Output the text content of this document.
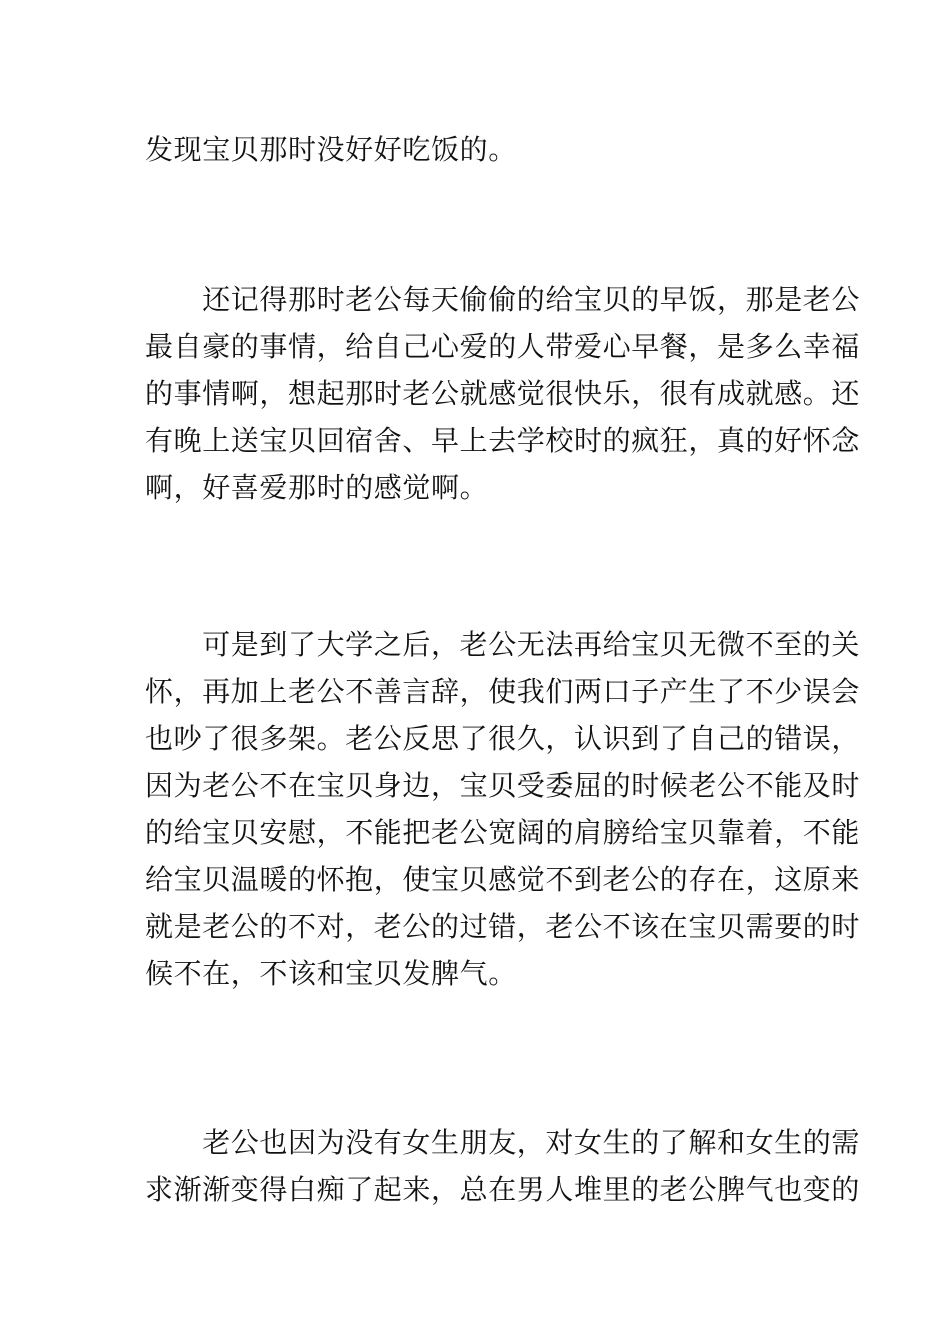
发现宝贝那时没好好吃饭的。
　　还记得那时老公每天偷偷的给宝贝的早饭，那是老公
最自豪的事情，给自己心爱的人带爱心早餐，是多么幸福
的事情啊，想起那时老公就感觉很快乐，很有成就感。还
有晚上送宝贝回宿舍、早上去学校时的疯狂，真的好怀念
啊，好喜爱那时的感觉啊。
　　可是到了大学之后，老公无法再给宝贝无微不至的关
怀，再加上老公不善言辞，使我们两口子产生了不少误会
也吵了很多架。老公反思了很久，认识到了自己的错误，
因为老公不在宝贝身边，宝贝受委屈的时候老公不能及时
的给宝贝安慰，不能把老公宽阔的肩膀给宝贝靠着，不能
给宝贝温暖的怀抱，使宝贝感觉不到老公的存在，这原来
就是老公的不对，老公的过错，老公不该在宝贝需要的时
候不在，不该和宝贝发脾气。
　　老公也因为没有女生朋友，对女生的了解和女生的需
求渐渐变得白痴了起来，总在男人堆里的老公脾气也变的
